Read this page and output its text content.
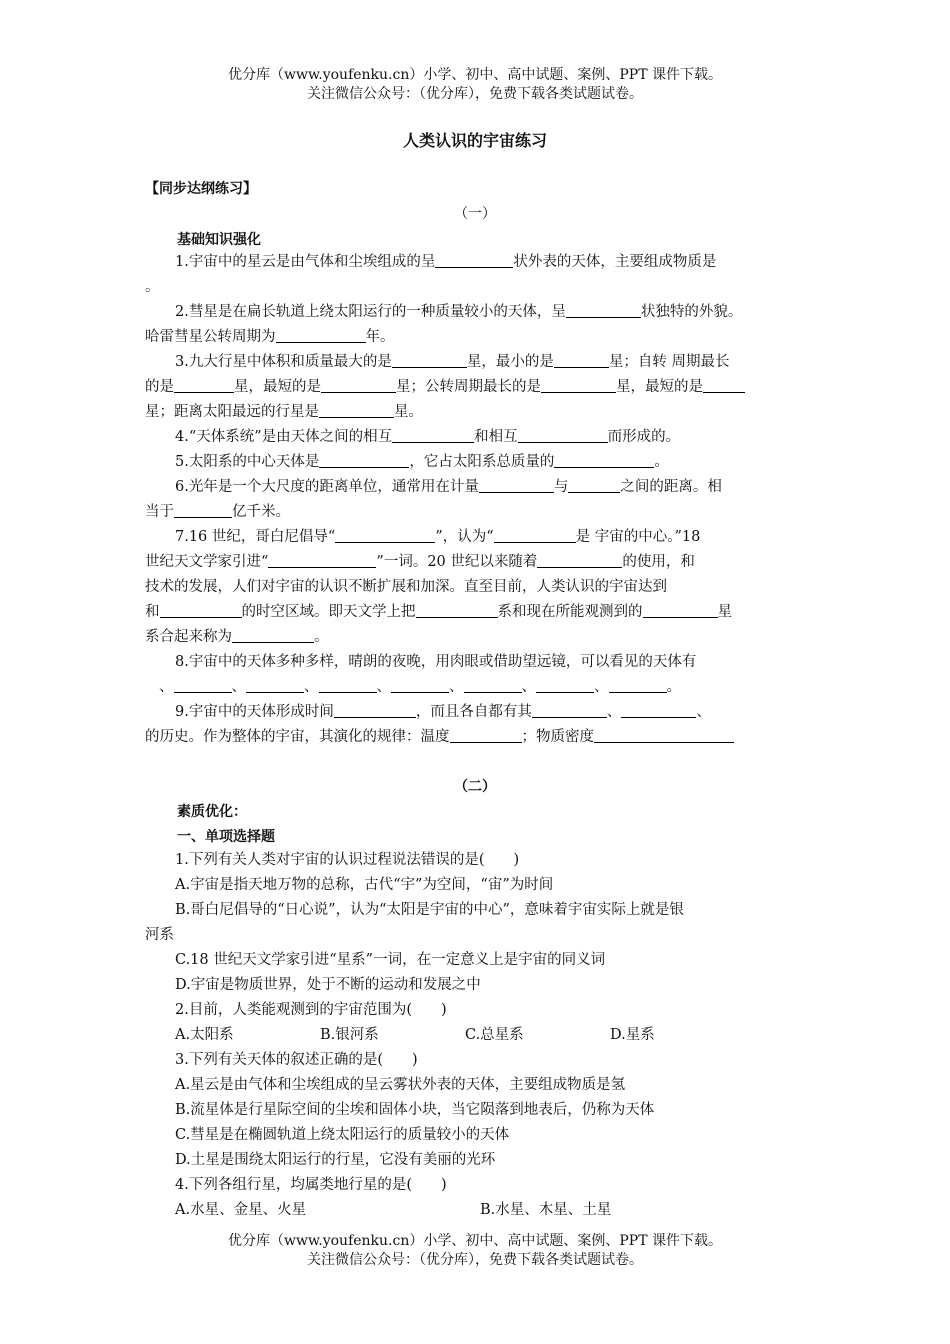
优分库（www.youfenku.cn）小学、初中、高中试题、案例、PPT 课件下载。
关注微信公众号：（优分库），免费下载各类试题试卷。
人类认识的宇宙练习
【同步达纲练习】
（一）
基础知识强化
1.宇宙中的星云是由气体和尘埃组成的呈	状外表的天体，主要组成物质是
。
2.彗星是在扁长轨道上绕太阳运行的一种质量较小的天体，呈	状独特的外貌。
哈雷彗星公转周期为	年。
3.九大行星中体积和质量最大的是	星，最小的是	星；自转 周期最长
的是	星，最短的是	星；公转周期最长的是	星，最短的是
星；距离太阳最远的行星是	星。
4.“天体系统”是由天体之间的相互	和相互	而形成的。
5.太阳系的中心天体是	，它占太阳系总质量的	。
6.光年是一个大尺度的距离单位，通常用在计量	与	之间的距离。相
当于	亿千米。
7.16 世纪，哥白尼倡导“	”，认为“	是 宇宙的中心。”18
世纪天文学家引进“	”一词。20 世纪以来随着	的使用，和
技术的发展，人们对宇宙的认识不断扩展和加深。直至目前，人类认识的宇宙达到
和	的时空区域。即天文学上把	系和现在所能观测到的	星
系合起来称为	。
8.宇宙中的天体多种多样，晴朗的夜晚，用肉眼或借助望远镜，可以看见的天体有
、	、	、	、	、	、	、	。
9.宇宙中的天体形成时间	，而且各自都有其	、	、
的历史。作为整体的宇宙，其演化的规律：温度	；物质密度
（二）
素质优化：
一、单项选择题
1.下列有关人类对宇宙的认识过程说法错误的是(　　)
A.宇宙是指天地万物的总称，古代“宇”为空间，“宙”为时间
B.哥白尼倡导的“日心说”，认为“太阳是宇宙的中心”，意味着宇宙实际上就是银
河系
C.18 世纪天文学家引进“星系”一词，在一定意义上是宇宙的同义词
D.宇宙是物质世界，处于不断的运动和发展之中
2.目前，人类能观测到的宇宙范围为(　　)
A.太阳系	B.银河系	C.总星系	D.星系
3.下列有关天体的叙述正确的是(　　)
A.星云是由气体和尘埃组成的呈云雾状外表的天体，主要组成物质是氢
B.流星体是行星际空间的尘埃和固体小块，当它陨落到地表后，仍称为天体
C.彗星是在椭圆轨道上绕太阳运行的质量较小的天体
D.土星是围绕太阳运行的行星，它没有美丽的光环
4.下列各组行星，均属类地行星的是(　　)
A.水星、金星、火星	B.水星、木星、土星
优分库（www.youfenku.cn）小学、初中、高中试题、案例、PPT 课件下载。
关注微信公众号：（优分库），免费下载各类试题试卷。
